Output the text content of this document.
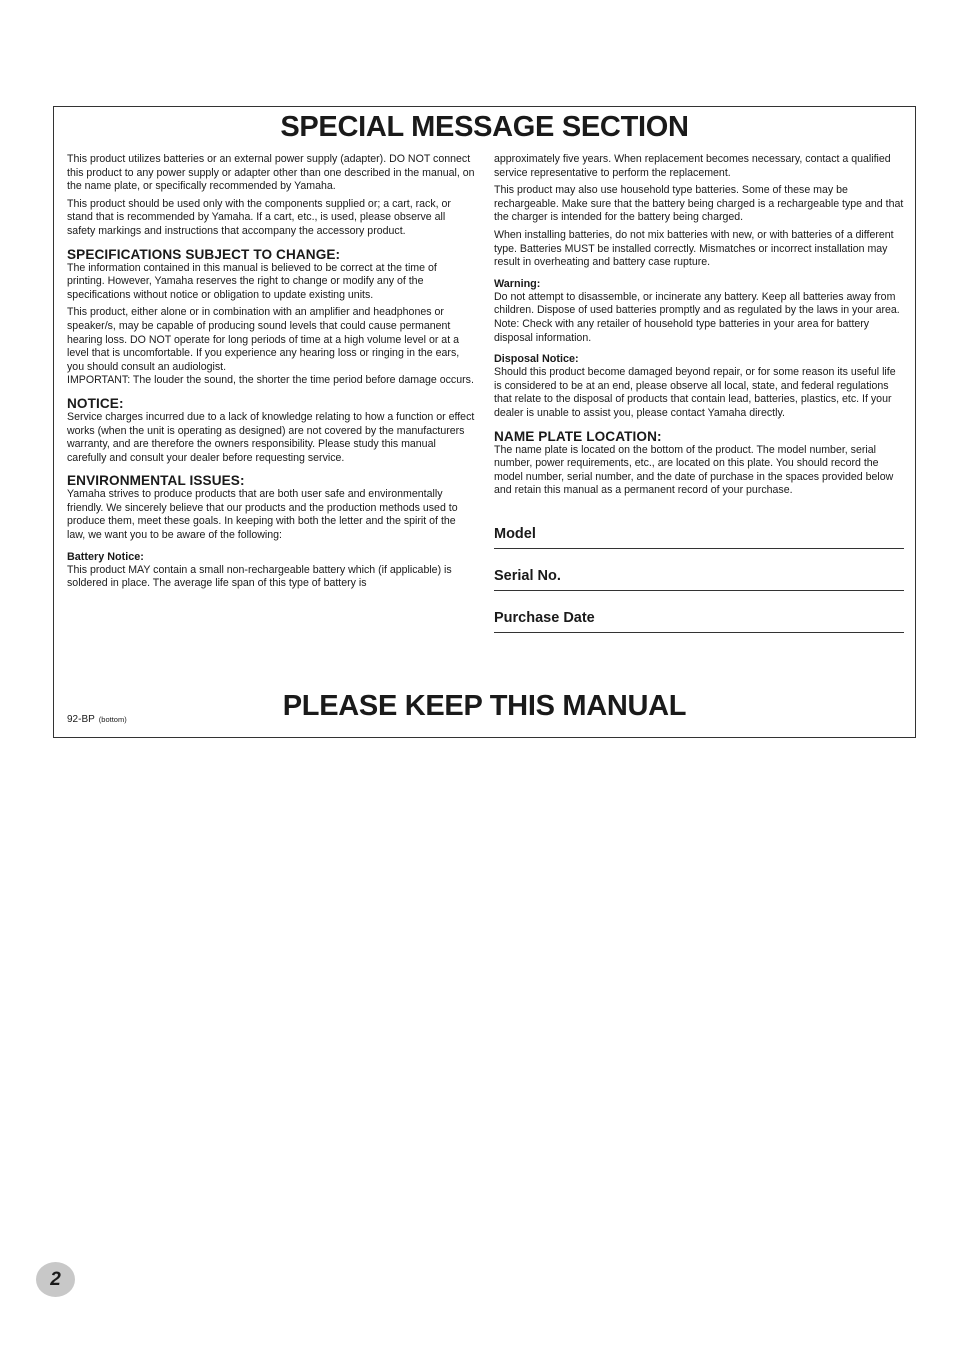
SPECIAL MESSAGE SECTION

This product utilizes batteries or an external power supply (adapter). DO NOT connect this product to any power supply or adapter other than one described in the manual, on the name plate, or specifically recommended by Yamaha.

This product should be used only with the components supplied or; a cart, rack, or stand that is recommended by Yamaha. If a cart, etc., is used, please observe all safety markings and instructions that accompany the accessory product.

SPECIFICATIONS SUBJECT TO CHANGE:

The information contained in this manual is believed to be correct at the time of printing. However, Yamaha reserves the right to change or modify any of the specifications without notice or obligation to update existing units.

This product, either alone or in combination with an amplifier and headphones or speaker/s, may be capable of producing sound levels that could cause permanent hearing loss. DO NOT operate for long periods of time at a high volume level or at a level that is uncomfortable. If you experience any hearing loss or ringing in the ears, you should consult an audiologist.

IMPORTANT: The louder the sound, the shorter the time period before damage occurs.

NOTICE:

Service charges incurred due to a lack of knowledge relating to how a function or effect works (when the unit is operating as designed) are not covered by the manufacturers warranty, and are therefore the owners responsibility. Please study this manual carefully and consult your dealer before requesting service.

ENVIRONMENTAL ISSUES:

Yamaha strives to produce products that are both user safe and environmentally friendly. We sincerely believe that our products and the production methods used to produce them, meet these goals. In keeping with both the letter and the spirit of the law, we want you to be aware of the following:

Battery Notice:

This product MAY contain a small non-rechargeable battery which (if applicable) is soldered in place. The average life span of this type of battery is

approximately five years. When replacement becomes necessary, contact a qualified service representative to perform the replacement.

This product may also use household type batteries. Some of these may be rechargeable. Make sure that the battery being charged is a rechargeable type and that the charger is intended for the battery being charged.

When installing batteries, do not mix batteries with new, or with batteries of a different type. Batteries MUST be installed correctly. Mismatches or incorrect installation may result in overheating and battery case rupture.

Warning:

Do not attempt to disassemble, or incinerate any battery. Keep all batteries away from children. Dispose of used batteries promptly and as regulated by the laws in your area. Note: Check with any retailer of household type batteries in your area for battery disposal information.

Disposal Notice:

Should this product become damaged beyond repair, or for some reason its useful life is considered to be at an end, please observe all local, state, and federal regulations that relate to the disposal of products that contain lead, batteries, plastics, etc. If your dealer is unable to assist you, please contact Yamaha directly.

NAME PLATE LOCATION:

The name plate is located on the bottom of the product. The model number, serial number, power requirements, etc., are located on this plate. You should record the model number, serial number, and the date of purchase in the spaces provided below and retain this manual as a permanent record of your purchase.

Model
Serial No.
Purchase Date
92-BP (bottom)	PLEASE KEEP THIS MANUAL
2
